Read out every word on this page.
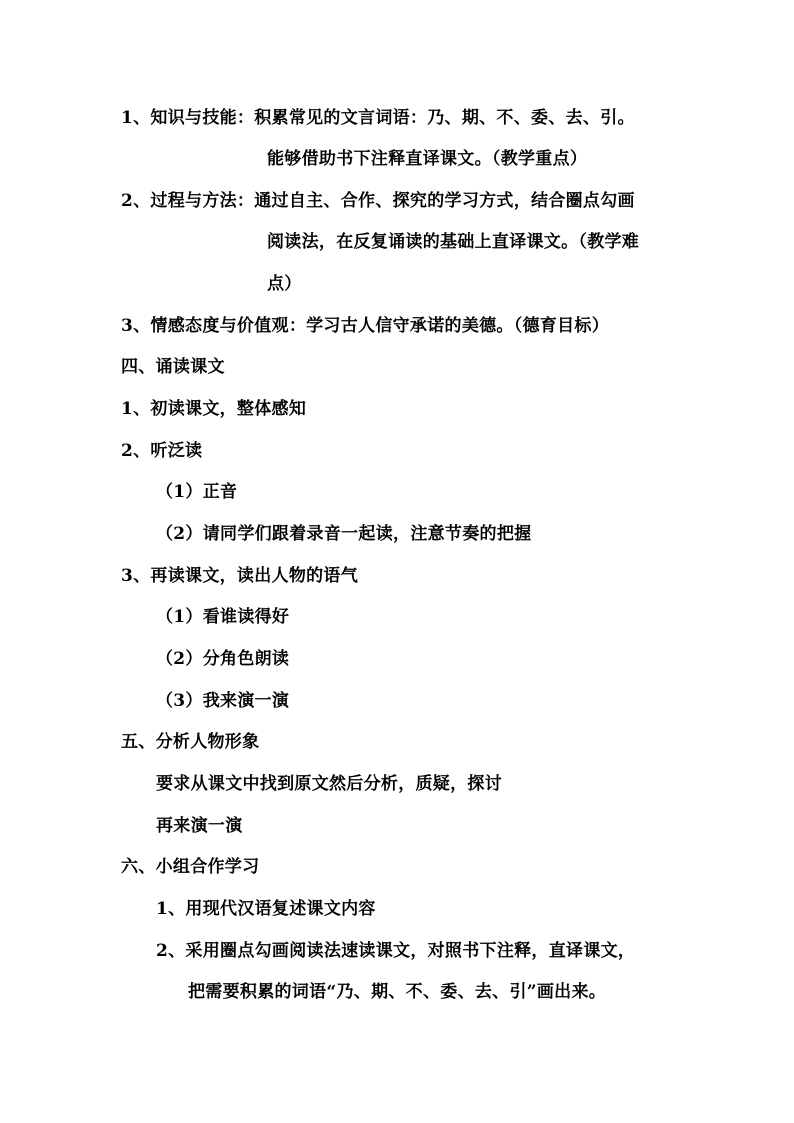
1、知识与技能：积累常见的文言词语：乃、期、不、委、去、引。
能够借助书下注释直译课文。（教学重点）
2、过程与方法：通过自主、合作、探究的学习方式，结合圈点勾画
阅读法，在反复诵读的基础上直译课文。（教学难
点）
3、情感态度与价值观：学习古人信守承诺的美德。（德育目标）
四、诵读课文
1、初读课文，整体感知
2、听泛读
（1）正音
（2）请同学们跟着录音一起读，注意节奏的把握
3、再读课文，读出人物的语气
（1）看谁读得好
（2）分角色朗读
（3）我来演一演
五、分析人物形象
要求从课文中找到原文然后分析，质疑，探讨
再来演一演
六、小组合作学习
1、用现代汉语复述课文内容
2、采用圈点勾画阅读法速读课文，对照书下注释，直译课文，
把需要积累的词语“乃、期、不、委、去、引”画出来。
